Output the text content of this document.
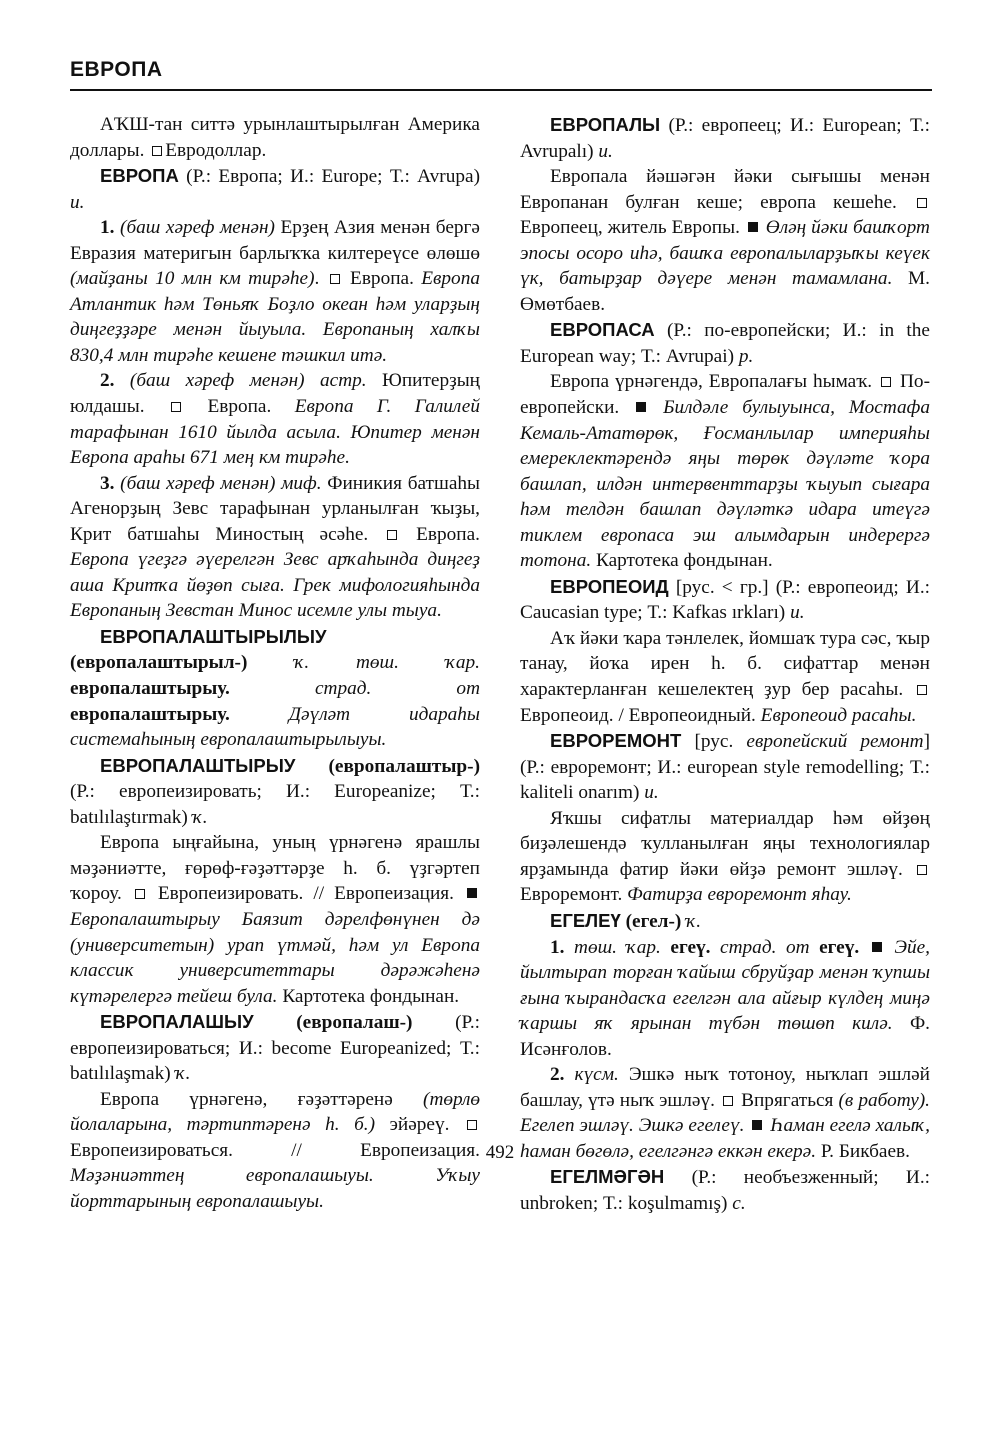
ЕВРОПА

АҠШ-тан ситтә урынлаштырылған Америка доллары. Евродоллар.

ЕВРОПА (Р.: Европа; И.: Europe; Т.: Avrupa) и.

1. (баш хәреф менән) Ерҙең Азия менән бергә Евразия материгын барлыҡҡа килтереүсе өлөшө (майҙаны 10 млн км тирәһе).  Европа. Европа Атлантик һәм Төньяҡ Боҙло океан һәм уларҙың диңгеҙҙәре менән йыуыла. Европаның халҡы 830,4 млн тирәһе кешене тәшкил итә.

2. (баш хәреф менән) астр. Юпитерҙың юлдашы.  Европа. Европа Г. Галилей тарафынан 1610 йылда асыла. Юпитер менән Европа араһы 671 мең км тирәһе.

3. (баш хәреф менән) миф. Финикия батшаһы Агенорҙың Зевс тарафынан урланылған ҡыҙы, Крит батшаһы Миностың әсәһе.  Европа. Европа үгеҙгә әүерелгән Зевс арҡаһында диңгеҙ аша Критҡа йөҙөп сыға. Грек мифологияһында Европаның Зевстан Минос исемле улы тыуа.

ЕВРОПАЛАШТЫРЫЛЫУ (европалаштырыл-) ҡ. төш. ҡар. европалаштырыу. страд. от европалаштырыу. Дәүләт идараһы системаһының европалаштырылыуы.

ЕВРОПАЛАШТЫРЫУ (европалаштыр-) (Р.: европеизировать; И.: Europeanize; Т.: batılılaştırmak) ҡ.

Европа ыңғайына, уның үрнәгенә ярашлы мәҙәниәтте, ғөрөф-ғәҙәттәрҙе һ. б. үҙгәртеп ҡороу.  Европеизировать. // Европеизация.  Европалаштырыу Баязит дәрелфөнүнен дә (университетын) урап үтмәй, һәм ул Европа классик университеттары дәрәжәһенә күтәрелергә тейеш була. Картотека фондынан.

ЕВРОПАЛАШЫУ (европалаш-) (Р.: европеизироваться; И.: become Europeanized; Т.: batılılaşmak) ҡ.

Европа үрнәгенә, ғәҙәттәренә (төрлө йолаларына, тәртиптәренә һ. б.) эйәреү.  Европеизироваться. // Европеизация. Мәҙәниәттең европалашыуы. Уҡыу йорттарының европалашыуы.

ЕВРОПАЛЫ (Р.: европеец; И.: European; Т.: Avrupalı) и.

Европала йәшәгән йәки сығышы менән Европанан булған кеше; европа кешеһе.  Европеец, житель Европы.  Өләң йәки башҡорт эпосы осоро иһә, башҡа европалыларҙыҡы кеүек үк, батырҙар дәүере менән тамамлана. М. Өмөтбаев.

ЕВРОПАСА (Р.: по-европейски; И.: in the European way; Т.: Avrupai) р.

Европа үрнәгендә, Европалағы һымаҡ.  По-европейски.  Билдәле булыуынса, Мостафа Кемаль-Ататөрөк, Ғосманлылар империяһы емереклектәрендә яңы төрөк дәүләте ҡора башлап, илдән интервенттарҙы ҡыуып сығара һәм телдән башлап дәүләткә идара итеүгә тиклем европаса эш алымдарын индерергә тотона. Картотека фондынан.

ЕВРОПЕОИД [рус. < гр.] (Р.: европеоид; И.: Caucasian type; Т.: Kafkas ırkları) и.

Аҡ йәки ҡара тәнлелек, йомшаҡ тура сәс, ҡыр танау, йоҡа ирен һ. б. сифаттар менән характерланған кешелектең ҙур бер расаһы.  Европеоид. / Европеоидный. Европеоид расаһы.

ЕВРОРЕМОНТ [рус. европейский ремонт] (Р.: евроремонт; И.: european style remodelling; Т.: kaliteli onarım) и.

Яҡшы сифатлы материалдар һәм өйҙөң биҙәлешендә ҡулланылған яңы технологиялар ярҙамында фатир йәки өйҙә ремонт эшләү.  Евроремонт. Фатирҙа евроремонт яһау.

ЕГЕЛЕҮ (егел-) ҡ.

1. төш. ҡар. егеү. страд. от егеү.  Эйе, йылтырап торған ҡайыш сбруйҙар менән ҡупшы ғына ҡырандасҡа егелгән ала айғыр күлдең миңә ҡаршы яҡ ярынан түбән төшөп килә. Ф. Исәнғолов.

2. күсм. Эшкә ныҡ тотоноу, ныҡлап эшләй башлау, үтә ныҡ эшләү.  Впрягаться (в работу). Егелеп эшләү. Эшкә егелеү.  Һаман егелә халыҡ, һаман бөгөлә, егелгәнгә еккән екерә. Р. Бикбаев.

ЕГЕЛМӘГӘН (Р.: необъезженный; И.: unbroken; Т.: koşulmamış) с.

492
